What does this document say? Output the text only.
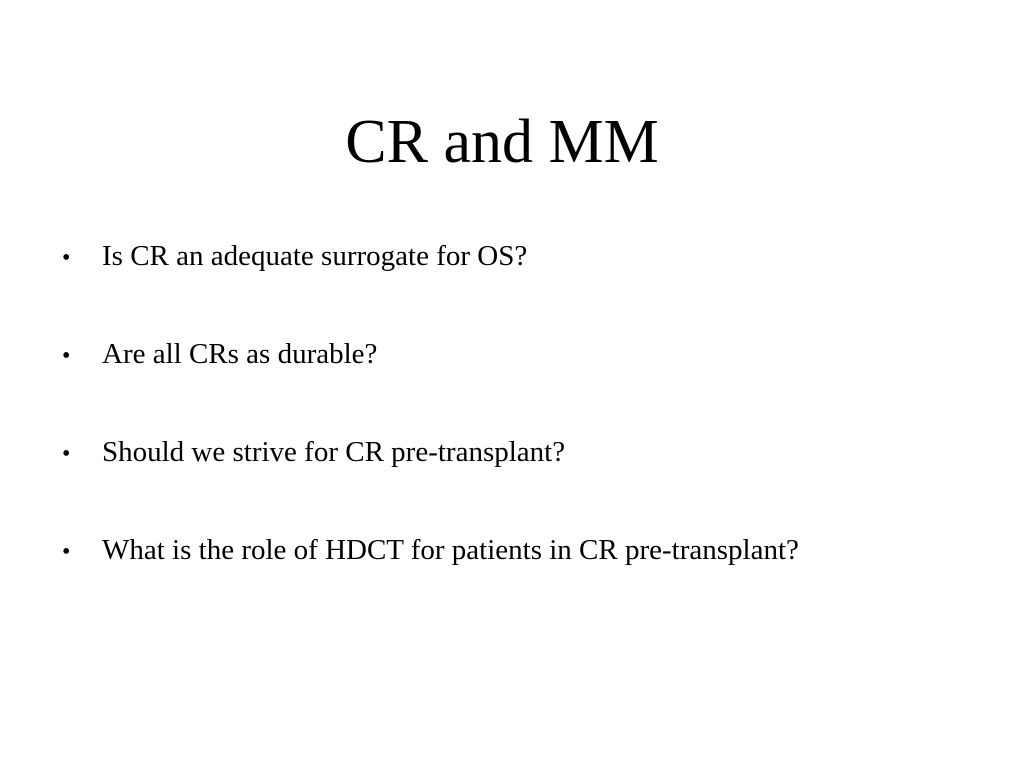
CR and MM
•	Is CR an adequate surrogate for OS?
•	Are all CRs as durable?
•	Should we strive for CR pre-transplant?
•	What is the role of HDCT for patients in CR pre-transplant?
